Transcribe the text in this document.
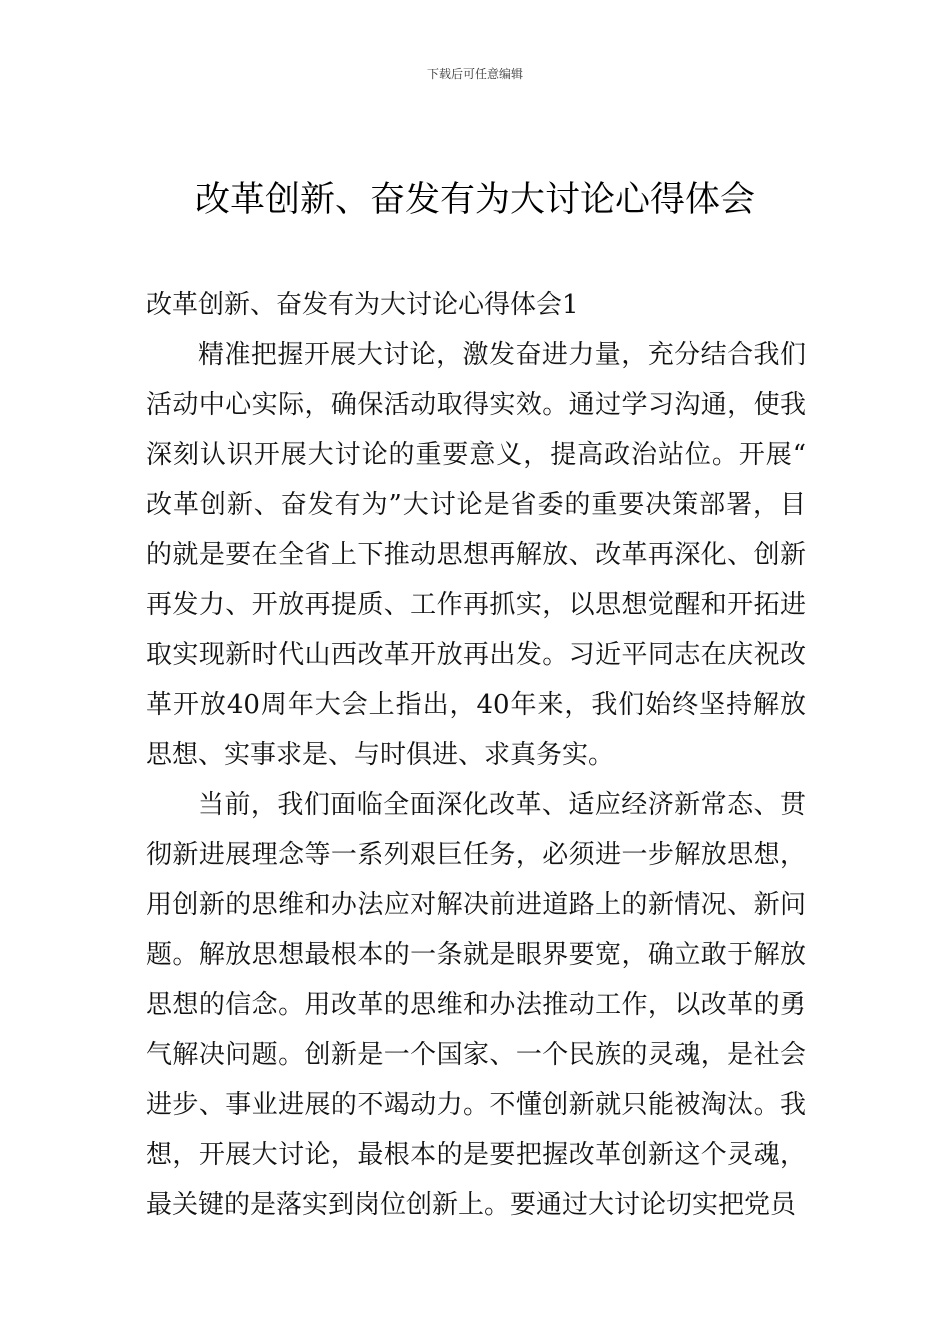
下载后可任意编辑
改革创新、奋发有为大讨论心得体会
改革创新、奋发有为大讨论心得体会1

精准把握开展大讨论，激发奋进力量，充分结合我们活动中心实际，确保活动取得实效。通过学习沟通，使我深刻认识开展大讨论的重要意义，提高政治站位。开展“改革创新、奋发有为”大讨论是省委的重要决策部署，目的就是要在全省上下推动思想再解放、改革再深化、创新再发力、开放再提质、工作再抓实，以思想觉醒和开拓进取实现新时代山西改革开放再出发。习近平同志在庆祝改革开放40周年大会上指出，40年来，我们始终坚持解放思想、实事求是、与时俱进、求真务实。

当前，我们面临全面深化改革、适应经济新常态、贯彻新进展理念等一系列艰巨任务，必须进一步解放思想，用创新的思维和办法应对解决前进道路上的新情况、新问题。解放思想最根本的一条就是眼界要宽，确立敢于解放思想的信念。用改革的思维和办法推动工作，以改革的勇气解决问题。创新是一个国家、一个民族的灵魂，是社会进步、事业进展的不竭动力。不懂创新就只能被淘汰。我想，开展大讨论，最根本的是要把握改革创新这个灵魂，最关键的是落实到岗位创新上。要通过大讨论切实把党员
